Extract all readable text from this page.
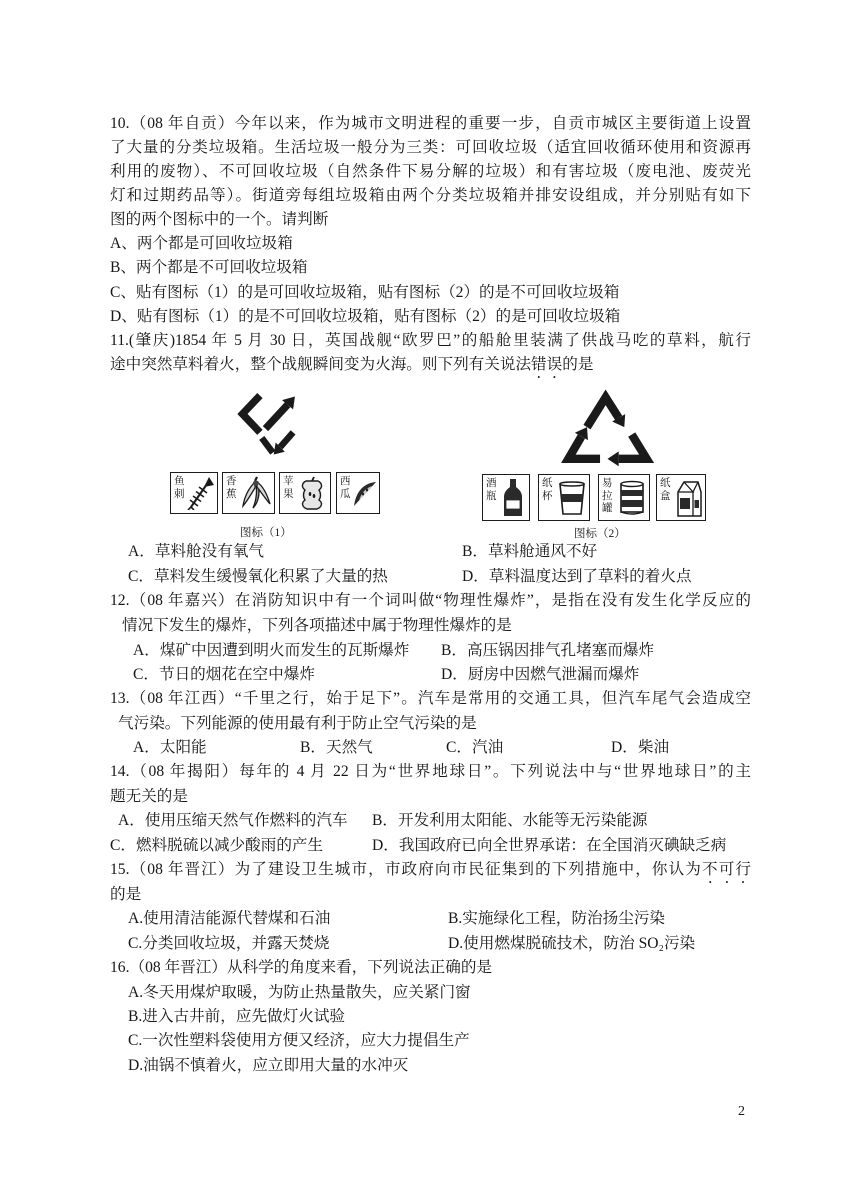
10.（08 年自贡）今年以来，作为城市文明进程的重要一步，自贡市城区主要街道上设置
了大量的分类垃圾箱。生活垃圾一般分为三类：可回收垃圾（适宜回收循环使用和资源再
利用的废物）、不可回收垃圾（自然条件下易分解的垃圾）和有害垃圾（废电池、废荧光
灯和过期药品等）。街道旁每组垃圾箱由两个分类垃圾箱并排安设组成，并分别贴有如下
图的两个图标中的一个。请判断
A、两个都是可回收垃圾箱
B、两个都是不可回收垃圾箱
C、贴有图标（1）的是可回收垃圾箱，贴有图标（2）的是不可回收垃圾箱
D、贴有图标（1）的是不可回收垃圾箱，贴有图标（2）的是可回收垃圾箱
11.(肇庆)1854 年 5 月 30 日，英国战舰“欧罗巴”的船舱里装满了供战马吃的草料，航行
途中突然草料着火，整个战舰瞬间变为火海。则下列有关说法错误的是
鱼刺
香蕉
苹果
西瓜
图标（1）
酒瓶
纸杯
易拉罐
纸盒
图标（2）
A．草料舱没有氧气	B．草料舱通风不好
C．草料发生缓慢氧化积累了大量的热	D．草料温度达到了草料的着火点
12.（08 年嘉兴）在消防知识中有一个词叫做“物理性爆炸”，是指在没有发生化学反应的
情况下发生的爆炸，下列各项描述中属于物理性爆炸的是
A．煤矿中因遭到明火而发生的瓦斯爆炸 B．高压锅因排气孔堵塞而爆炸
C．节日的烟花在空中爆炸	D．厨房中因燃气泄漏而爆炸
13.（08 年江西）“千里之行，始于足下”。汽车是常用的交通工具，但汽车尾气会造成空
气污染。下列能源的使用最有利于防止空气污染的是
A．太阳能	B．天然气	C．汽油	D．柴油
14.（08 年揭阳）每年的 4 月 22 日为“世界地球日”。下列说法中与“世界地球日”的主
题无关的是
A．使用压缩天然气作燃料的汽车 B．开发利用太阳能、水能等无污染能源
C．燃料脱硫以减少酸雨的产生	D．我国政府已向全世界承诺：在全国消灭碘缺乏病
15.（08 年晋江）为了建设卫生城市，市政府向市民征集到的下列措施中，你认为不可行
的是
A.使用清洁能源代替煤和石油	B.实施绿化工程，防治扬尘污染
C.分类回收垃圾，并露天焚烧	D.使用燃煤脱硫技术，防治 SO₂污染
16.（08 年晋江）从科学的角度来看，下列说法正确的是
A.冬天用煤炉取暖，为防止热量散失，应关紧门窗
B.进入古井前，应先做灯火试验
C.一次性塑料袋使用方便又经济，应大力提倡生产
D.油锅不慎着火，应立即用大量的水冲灭
2
